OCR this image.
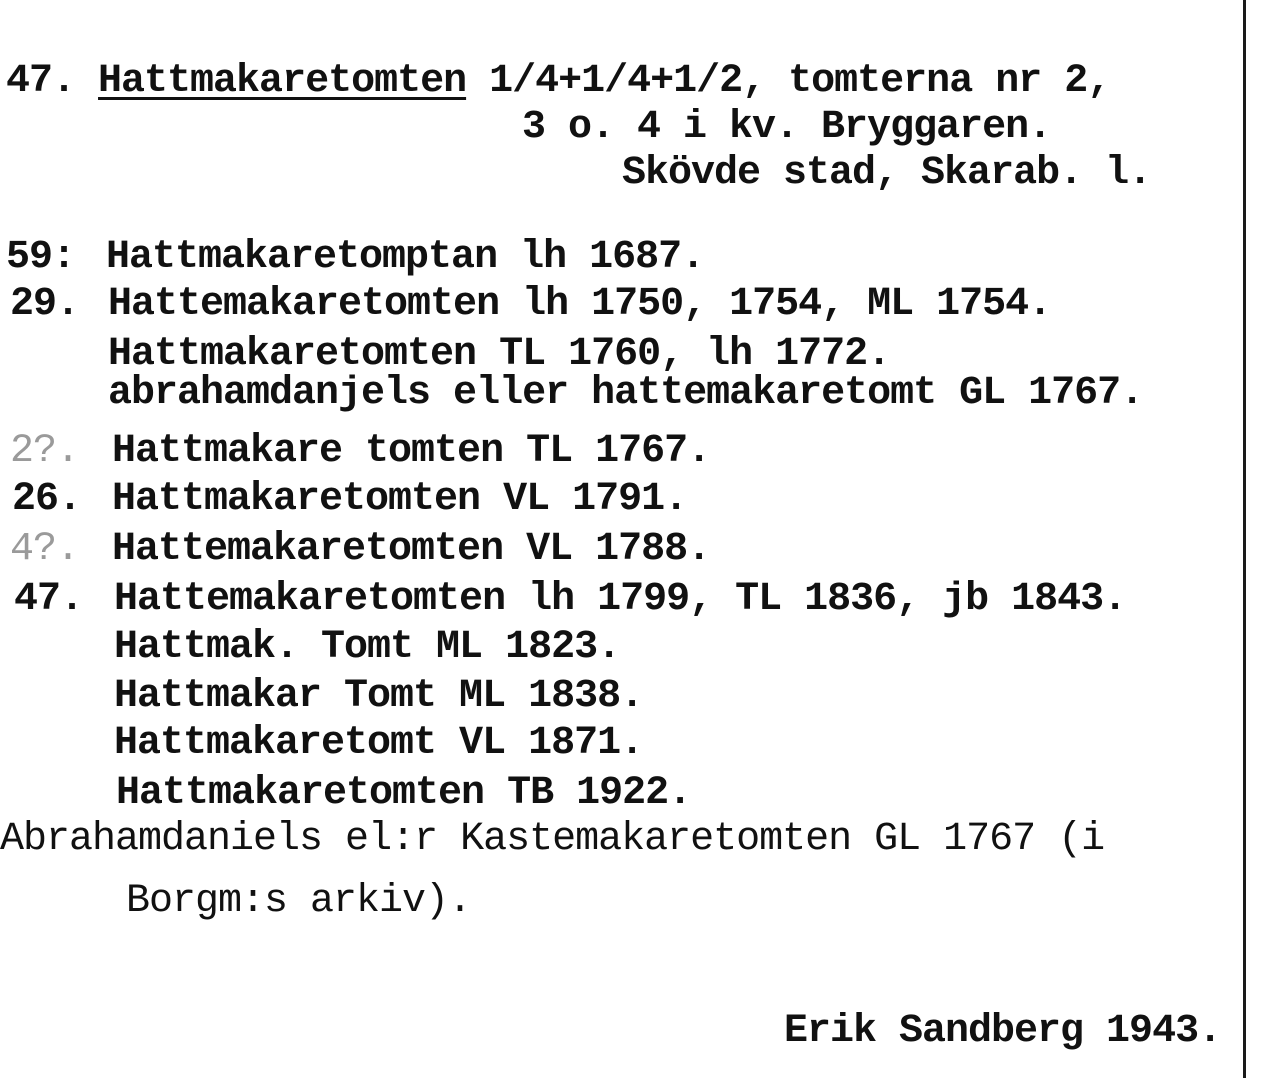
47. Hattmakaretomten 1/4+1/4+1/2, tomterna nr 2,
3 o. 4 i kv. Bryggaren.
Skövde stad, Skarab. l.
59: Hattmakaretomptan lh 1687.
29. Hattemakaretomten lh 1750, 1754, ML 1754.
Hattmakaretomten TL 1760, lh 1772.
abrahamdanjels eller hattemakaretomt GL 1767.
2?. Hattmakare tomten TL 1767.
26. Hattmakaretomten VL 1791.
4?. Hattemakaretomten VL 1788.
47. Hattemakaretomten lh 1799, TL 1836, jb 1843.
Hattmak. Tomt ML 1823.
Hattmakar Tomt ML 1838.
Hattmakaretomt VL 1871.
Hattmakaretomten TB 1922.
Abrahamdaniels el:r Kastemakaretomten GL 1767 (i
Borgm:s arkiv).
Erik Sandberg 1943.
